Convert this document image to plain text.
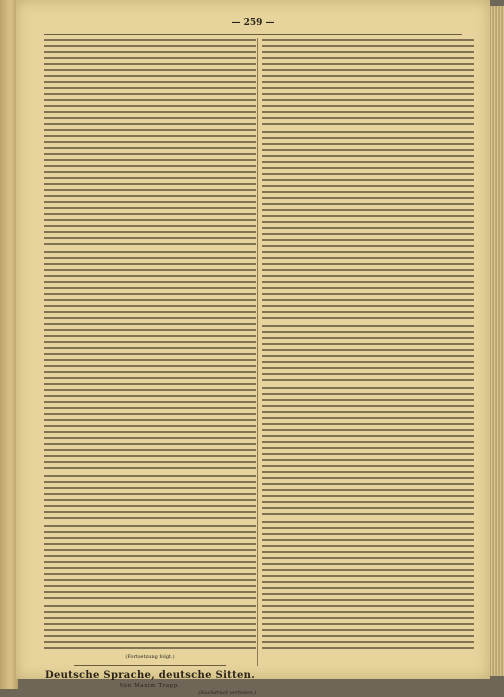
— 259 —
(Fortsetzung folgt.)
Deutsche Sprache, deutsche Sitten.
Von Maxim Trapp.
(Nachdruck verboten.)
